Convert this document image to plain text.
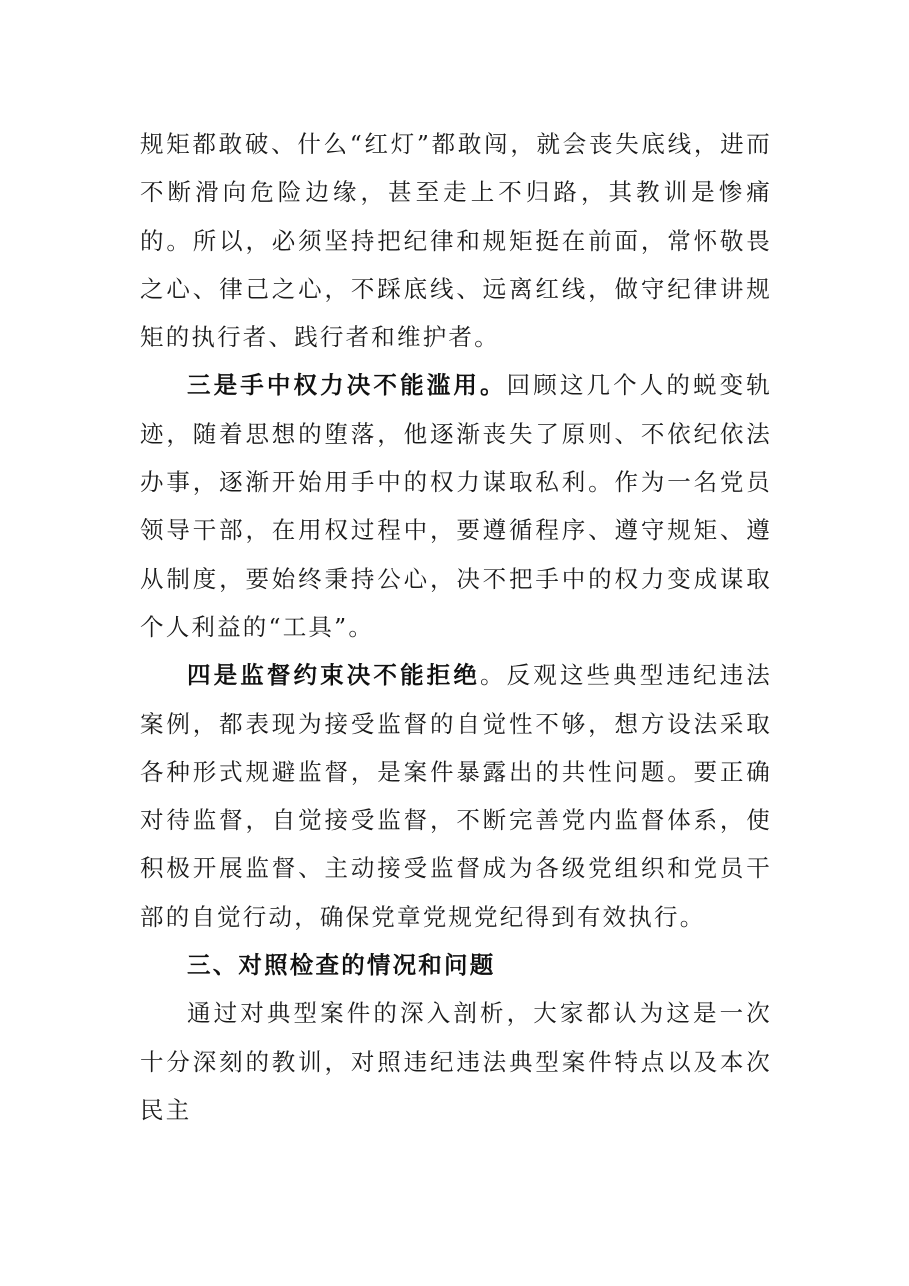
规矩都敢破、什么“红灯”都敢闯，就会丧失底线，进而不断滑向危险边缘，甚至走上不归路，其教训是惨痛的。所以，必须坚持把纪律和规矩挺在前面，常怀敬畏之心、律己之心，不踩底线、远离红线，做守纪律讲规矩的执行者、践行者和维护者。

三是手中权力决不能滥用。回顾这几个人的蜕变轨迹，随着思想的堕落，他逐渐丧失了原则、不依纪依法办事，逐渐开始用手中的权力谋取私利。作为一名党员领导干部，在用权过程中，要遵循程序、遵守规矩、遵从制度，要始终秉持公心，决不把手中的权力变成谋取个人利益的“工具”。

四是监督约束决不能拒绝。反观这些典型违纪违法案例，都表现为接受监督的自觉性不够，想方设法采取各种形式规避监督，是案件暴露出的共性问题。要正确对待监督，自觉接受监督，不断完善党内监督体系，使积极开展监督、主动接受监督成为各级党组织和党员干部的自觉行动，确保党章党规党纪得到有效执行。

三、对照检查的情况和问题

通过对典型案件的深入剖析，大家都认为这是一次十分深刻的教训，对照违纪违法典型案件特点以及本次民主
